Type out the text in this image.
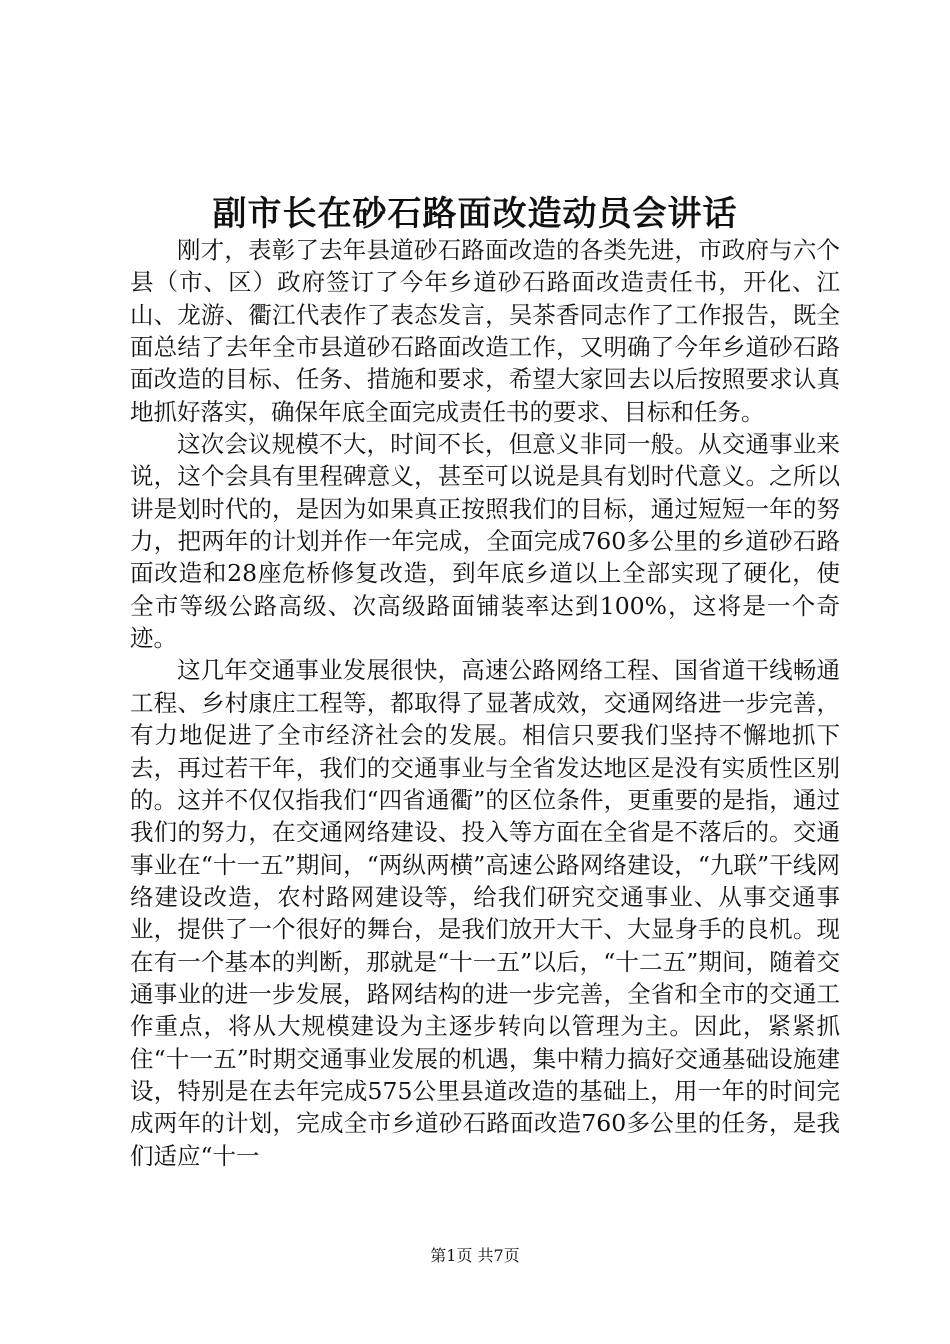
副市长在砂石路面改造动员会讲话

刚才，表彰了去年县道砂石路面改造的各类先进，市政府与六个县（市、区）政府签订了今年乡道砂石路面改造责任书，开化、江山、龙游、衢江代表作了表态发言，吴茶香同志作了工作报告，既全面总结了去年全市县道砂石路面改造工作，又明确了今年乡道砂石路面改造的目标、任务、措施和要求，希望大家回去以后按照要求认真地抓好落实，确保年底全面完成责任书的要求、目标和任务。

这次会议规模不大，时间不长，但意义非同一般。从交通事业来说，这个会具有里程碑意义，甚至可以说是具有划时代意义。之所以讲是划时代的，是因为如果真正按照我们的目标，通过短短一年的努力，把两年的计划并作一年完成，全面完成760多公里的乡道砂石路面改造和28座危桥修复改造，到年底乡道以上全部实现了硬化，使全市等级公路高级、次高级路面铺装率达到100%，这将是一个奇迹。

这几年交通事业发展很快，高速公路网络工程、国省道干线畅通工程、乡村康庄工程等，都取得了显著成效，交通网络进一步完善，有力地促进了全市经济社会的发展。相信只要我们坚持不懈地抓下去，再过若干年，我们的交通事业与全省发达地区是没有实质性区别的。这并不仅仅指我们“四省通衢”的区位条件，更重要的是指，通过我们的努力，在交通网络建设、投入等方面在全省是不落后的。交通事业在“十一五”期间，“两纵两横”高速公路网络建设，“九联”干线网络建设改造，农村路网建设等，给我们研究交通事业、从事交通事业，提供了一个很好的舞台，是我们放开大干、大显身手的良机。现在有一个基本的判断，那就是“十一五”以后，“十二五”期间，随着交通事业的进一步发展，路网结构的进一步完善，全省和全市的交通工作重点，将从大规模建设为主逐步转向以管理为主。因此，紧紧抓住“十一五”时期交通事业发展的机遇，集中精力搞好交通基础设施建设，特别是在去年完成575公里县道改造的基础上，用一年的时间完成两年的计划，完成全市乡道砂石路面改造760多公里的任务，是我们适应“十一

第1页 共7页
